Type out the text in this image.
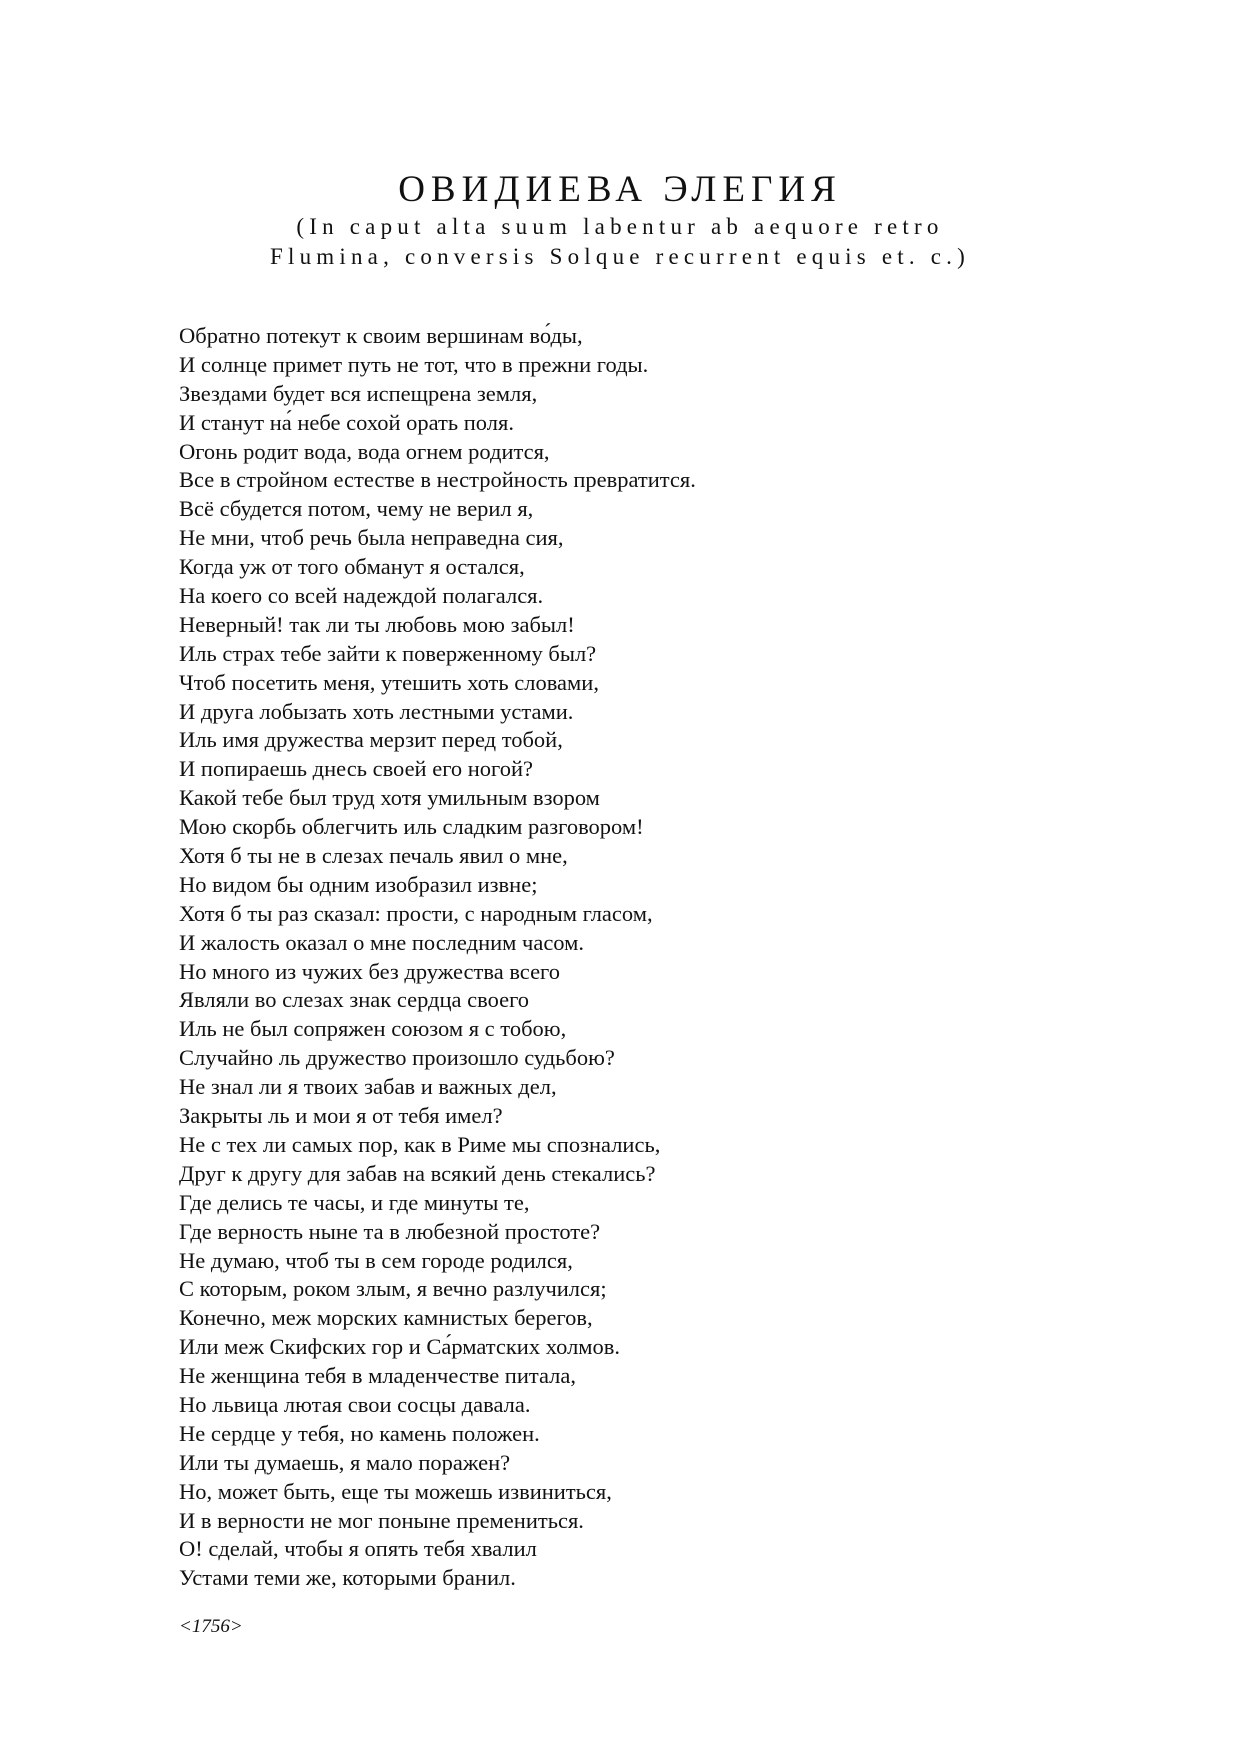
ОВИДИЕВА ЭЛЕГИЯ
(In caput alta suum labentur ab aequore retro
Flumina, conversis Solque recurrent equis et. c.)
Обратно потекут к своим вершинам во́ды,
И солнце примет путь не тот, что в прежни годы.
Звездами будет вся испещрена земля,
И станут на́ небе сохой орать поля.
Огонь родит вода, вода огнем родится,
Все в стройном естестве в нестройность превратится.
Всё сбудется потом, чему не верил я,
Не мни, чтоб речь была неправедна сия,
Когда уж от того обманут я остался,
На коего со всей надеждой полагался.
Неверный! так ли ты любовь мою забыл!
Иль страх тебе зайти к поверженному был?
Чтоб посетить меня, утешить хоть словами,
И друга лобызать хоть лестными устами.
Иль имя дружества мерзит перед тобой,
И попираешь днесь своей его ногой?
Какой тебе был труд хотя умильным взором
Мою скорбь облегчить иль сладким разговором!
Хотя б ты не в слезах печаль явил о мне,
Но видом бы одним изобразил извне;
Хотя б ты раз сказал: прости, с народным гласом,
И жалость оказал о мне последним часом.
Но много из чужих без дружества всего
Являли во слезах знак сердца своего
Иль не был сопряжен союзом я с тобою,
Случайно ль дружество произошло судьбою?
Не знал ли я твоих забав и важных дел,
Закрыты ль и мои я от тебя имел?
Не с тех ли самых пор, как в Риме мы спознались,
Друг к другу для забав на всякий день стекались?
Где делись те часы, и где минуты те,
Где верность ныне та в любезной простоте?
Не думаю, чтоб ты в сем городе родился,
С которым, роком злым, я вечно разлучился;
Конечно, меж морских камнистых берегов,
Или меж Скифских гор и Са́рматских холмов.
Не женщина тебя в младенчестве питала,
Но львица лютая свои сосцы давала.
Не сердце у тебя, но камень положен.
Или ты думаешь, я мало поражен?
Но, может быть, еще ты можешь извиниться,
И в верности не мог поныне премениться.
О! сделай, чтобы я опять тебя хвалил
Устами теми же, которыми бранил.
<1756>
